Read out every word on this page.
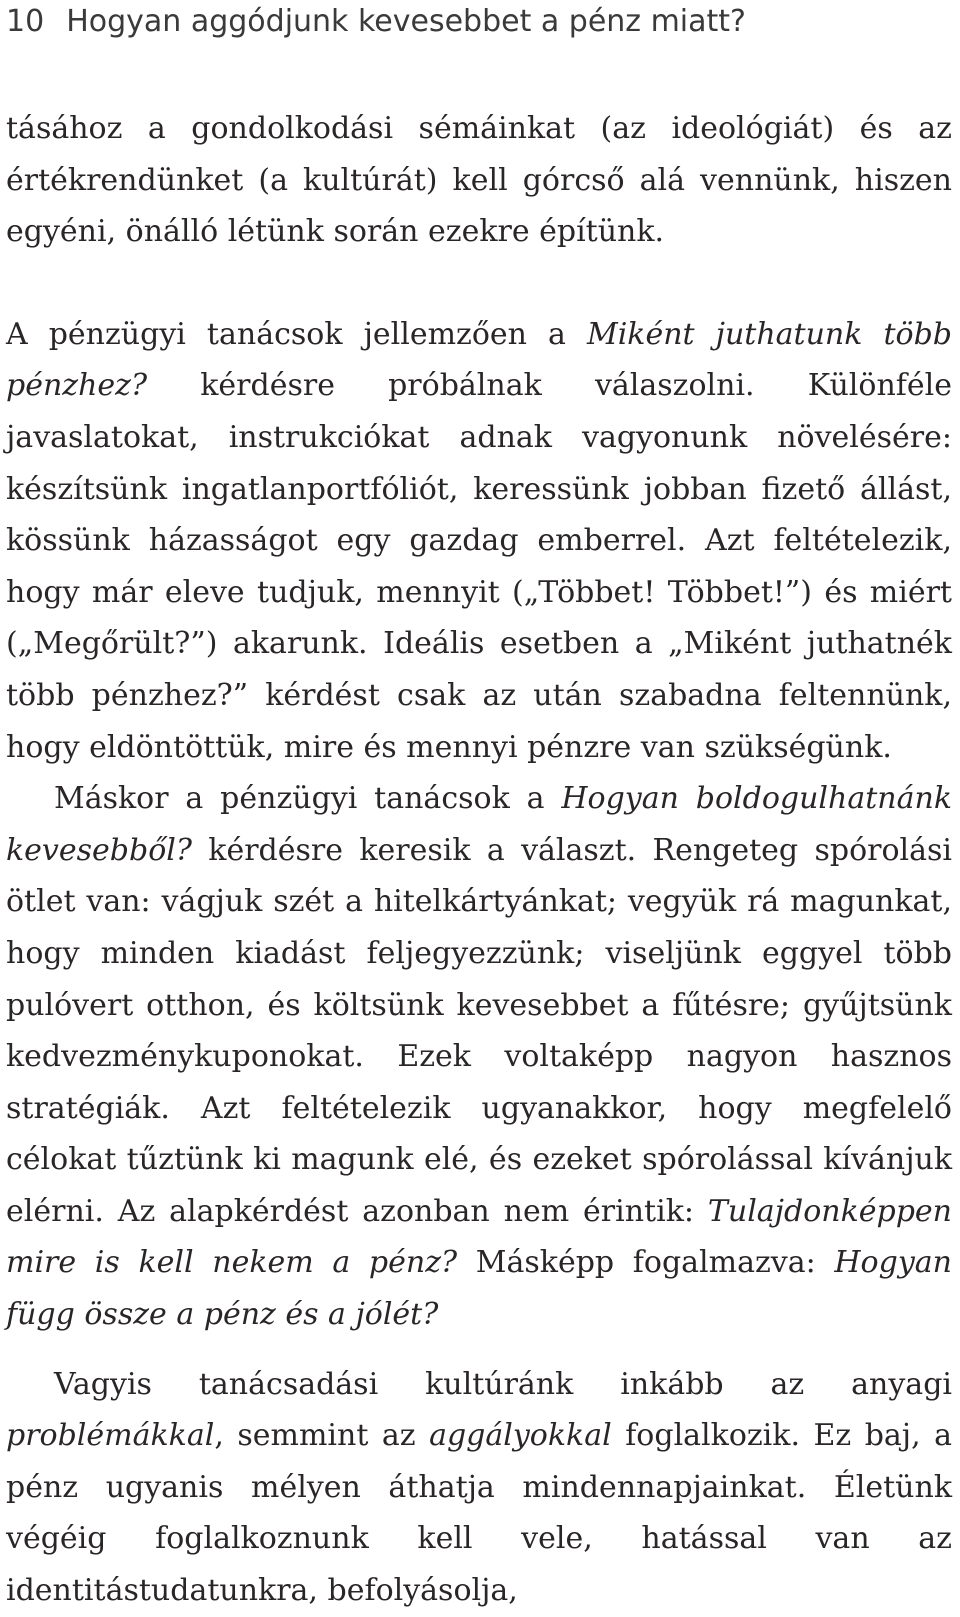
10 Hogyan aggódjunk kevesebbet a pénz miatt?

tásához a gondolkodási sémáinkat (az ideológiát) és az értékrendünket (a kultúrát) kell górcső alá vennünk, hiszen egyéni, önálló létünk során ezekre építünk.

A pénzügyi tanácsok jellemzően a Miként juthatunk több pénzhez? kérdésre próbálnak válaszolni. Különféle javaslatokat, instrukciókat adnak vagyonunk növelésére: készítsünk ingatlanportfóliót, keressünk jobban fizető állást, kössünk házasságot egy gazdag emberrel. Azt feltételezik, hogy már eleve tudjuk, mennyit („Többet! Többet!”) és miért („Megőrült?”) akarunk. Ideális esetben a „Miként juthatnék több pénzhez?” kérdést csak az után szabadna feltennünk, hogy eldöntöttük, mire és mennyi pénzre van szükségünk.

Máskor a pénzügyi tanácsok a Hogyan boldogulhatnánk kevesebből? kérdésre keresik a választ. Rengeteg spórolási ötlet van: vágjuk szét a hitelkártyánkat; vegyük rá magunkat, hogy minden kiadást feljegyezzünk; viseljünk eggyel több pulóvert otthon, és költsünk kevesebbet a fűtésre; gyűjtsünk kedvezménykuponokat. Ezek voltaképp nagyon hasznos stratégiák. Azt feltételezik ugyanakkor, hogy megfelelő célokat tűztünk ki magunk elé, és ezeket spórolással kívánjuk elérni. Az alapkérdést azonban nem érintik: Tulajdonképpen mire is kell nekem a pénz? Másképp fogalmazva: Hogyan függ össze a pénz és a jólét?

Vagyis tanácsadási kultúránk inkább az anyagi problémákkal, semmint az aggályokkal foglalkozik. Ez baj, a pénz ugyanis mélyen áthatja mindennapjainkat. Életünk végéig foglalkoznunk kell vele, hatással van az identitástudatunkra, befolyásolja,
